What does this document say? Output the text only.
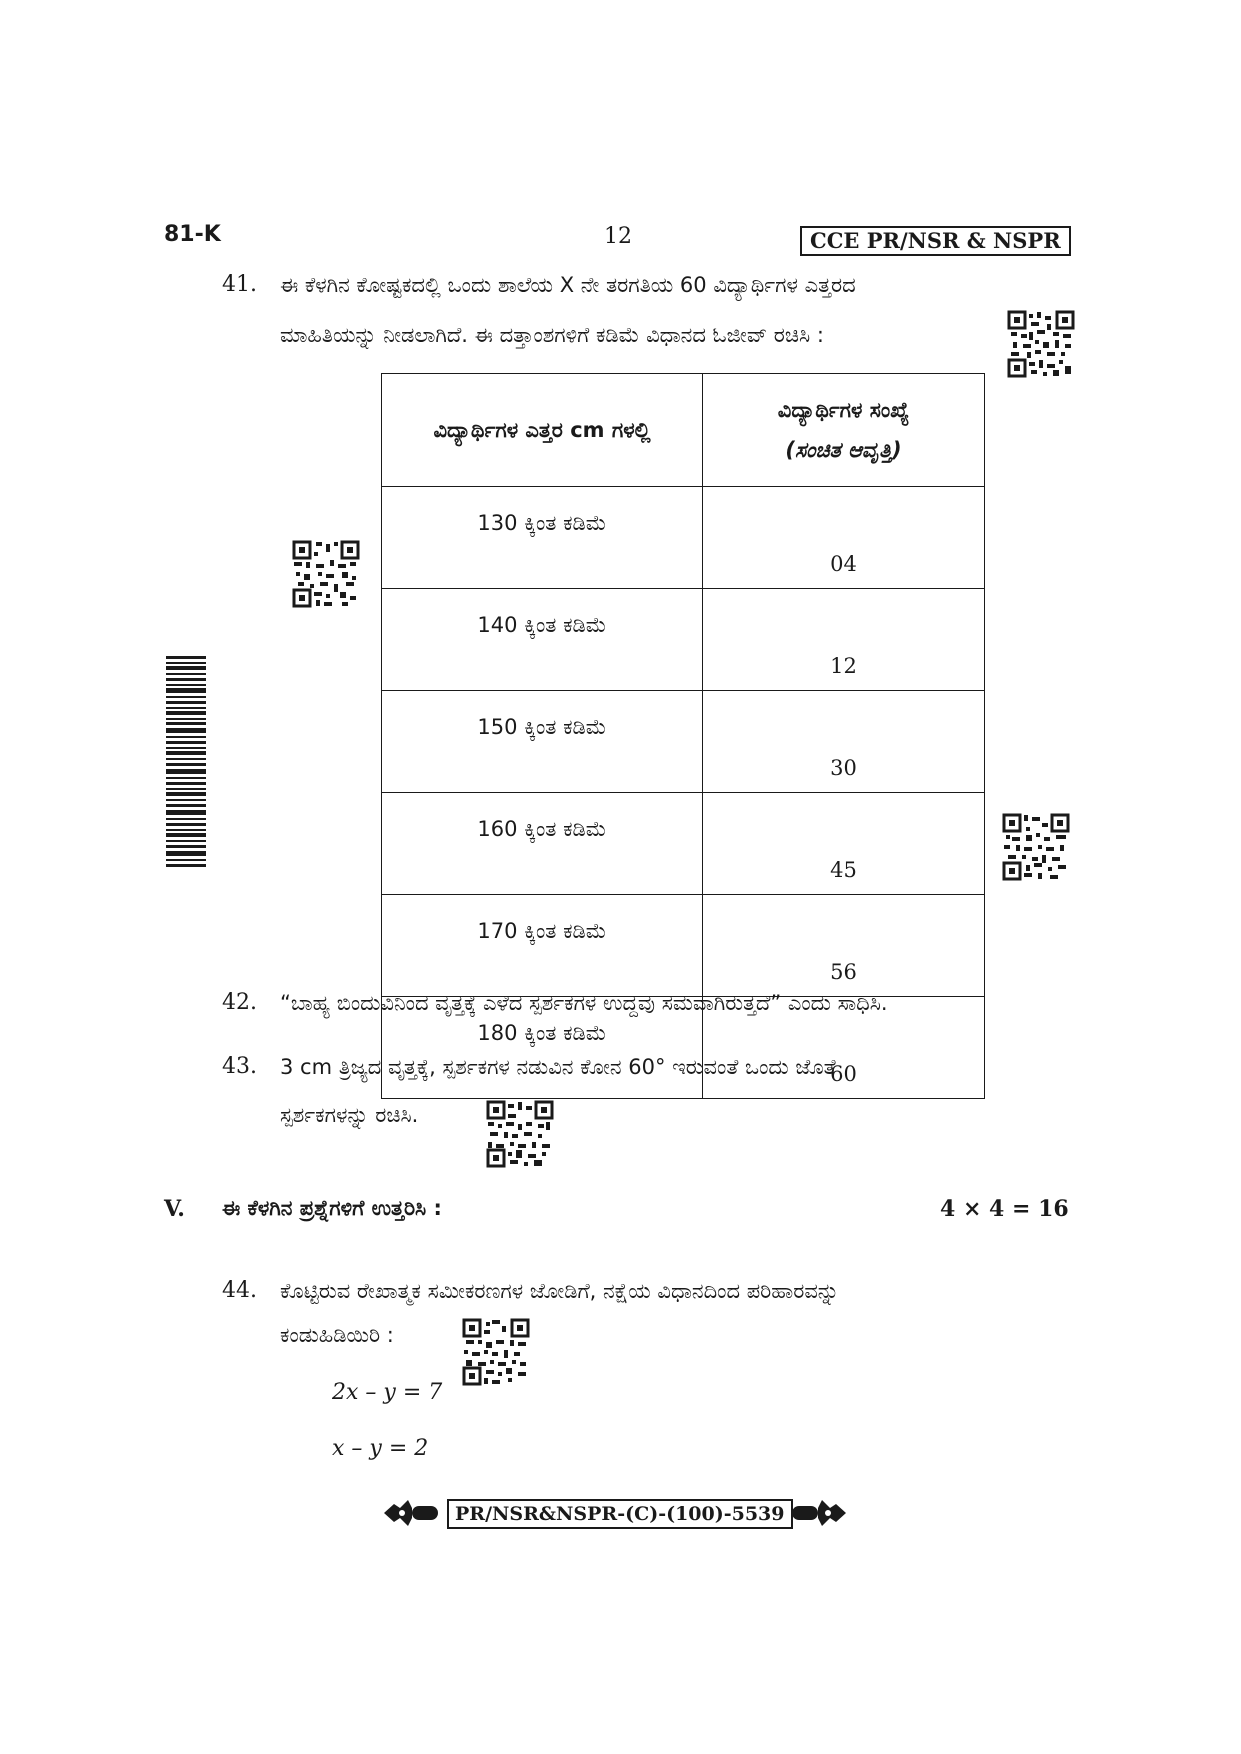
81-K	12	CCE PR/NSR & NSPR
41. ಈ ಕೆಳಗಿನ ಕೋಷ್ಟಕದಲ್ಲಿ ಒಂದು ಶಾಲೆಯ X ನೇ ತರಗತಿಯ 60 ವಿದ್ಯಾರ್ಥಿಗಳ ಎತ್ತರದ
ಮಾಹಿತಿಯನ್ನು ನೀಡಲಾಗಿದೆ. ಈ ದತ್ತಾಂಶಗಳಿಗೆ ಕಡಿಮೆ ವಿಧಾನದ ಓಜೀವ್ ರಚಿಸಿ :
ವಿದ್ಯಾರ್ಥಿಗಳ ಎತ್ತರ cm ಗಳಲ್ಲಿ	ವಿದ್ಯಾರ್ಥಿಗಳ ಸಂಖ್ಯೆ
(ಸಂಚಿತ ಆವೃತ್ತಿ)

130 ಕ್ಕಿಂತ ಕಡಿಮೆ	04
140 ಕ್ಕಿಂತ ಕಡಿಮೆ	12
150 ಕ್ಕಿಂತ ಕಡಿಮೆ	30
160 ಕ್ಕಿಂತ ಕಡಿಮೆ	45
170 ಕ್ಕಿಂತ ಕಡಿಮೆ	56
180 ಕ್ಕಿಂತ ಕಡಿಮೆ	60
42. “ಬಾಹ್ಯ ಬಿಂದುವಿನಿಂದ ವೃತ್ತಕ್ಕೆ ಎಳೆದ ಸ್ಪರ್ಶಕಗಳ ಉದ್ದವು ಸಮವಾಗಿರುತ್ತದೆ” ಎಂದು ಸಾಧಿಸಿ.
43. 3 cm ತ್ರಿಜ್ಯದ ವೃತ್ತಕ್ಕೆ, ಸ್ಪರ್ಶಕಗಳ ನಡುವಿನ ಕೋನ 60° ಇರುವಂತೆ ಒಂದು ಜೊತೆ
ಸ್ಪರ್ಶಕಗಳನ್ನು ರಚಿಸಿ.
V. ಈ ಕೆಳಗಿನ ಪ್ರಶ್ನೆಗಳಿಗೆ ಉತ್ತರಿಸಿ :	4 × 4 = 16
44. ಕೊಟ್ಟಿರುವ ರೇಖಾತ್ಮಕ ಸಮೀಕರಣಗಳ ಜೋಡಿಗೆ, ನಕ್ಷೆಯ ವಿಧಾನದಿಂದ ಪರಿಹಾರವನ್ನು
ಕಂಡುಹಿಡಿಯಿರಿ :
2x – y = 7
x – y = 2
PR/NSR&NSPR-(C)-(100)-5539
